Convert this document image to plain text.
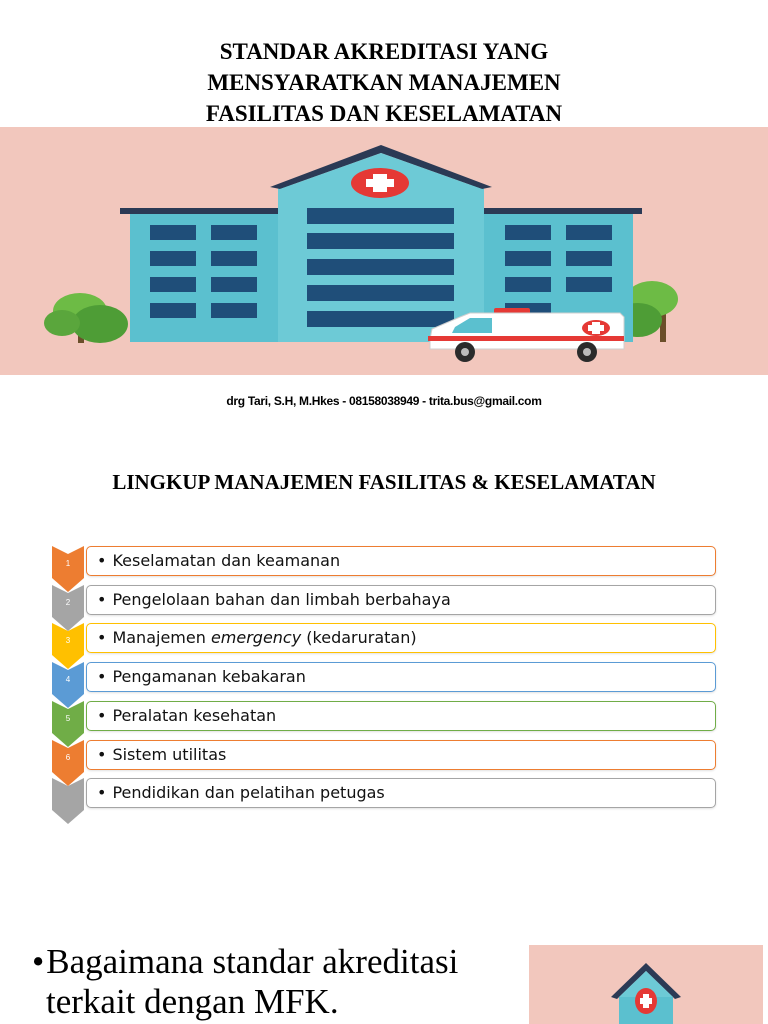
STANDAR AKREDITASI YANG
MENSYARATKAN MANAJEMEN
FASILITAS DAN KESELAMATAN
drg Tari, S.H, M.Hkes - 08158038949 - trita.bus@gmail.com
LINGKUP MANAJEMEN FASILITAS & KESELAMATAN
1	• Keselamatan dan keamanan
2	• Pengelolaan bahan dan limbah berbahaya
3	• Manajemen emergency (kedaruratan)
4	• Pengamanan kebakaran
5	• Peralatan kesehatan
6	• Sistem utilitas
• Pendidikan dan pelatihan petugas
•Bagaimana standar akreditasi
terkait dengan MFK.
